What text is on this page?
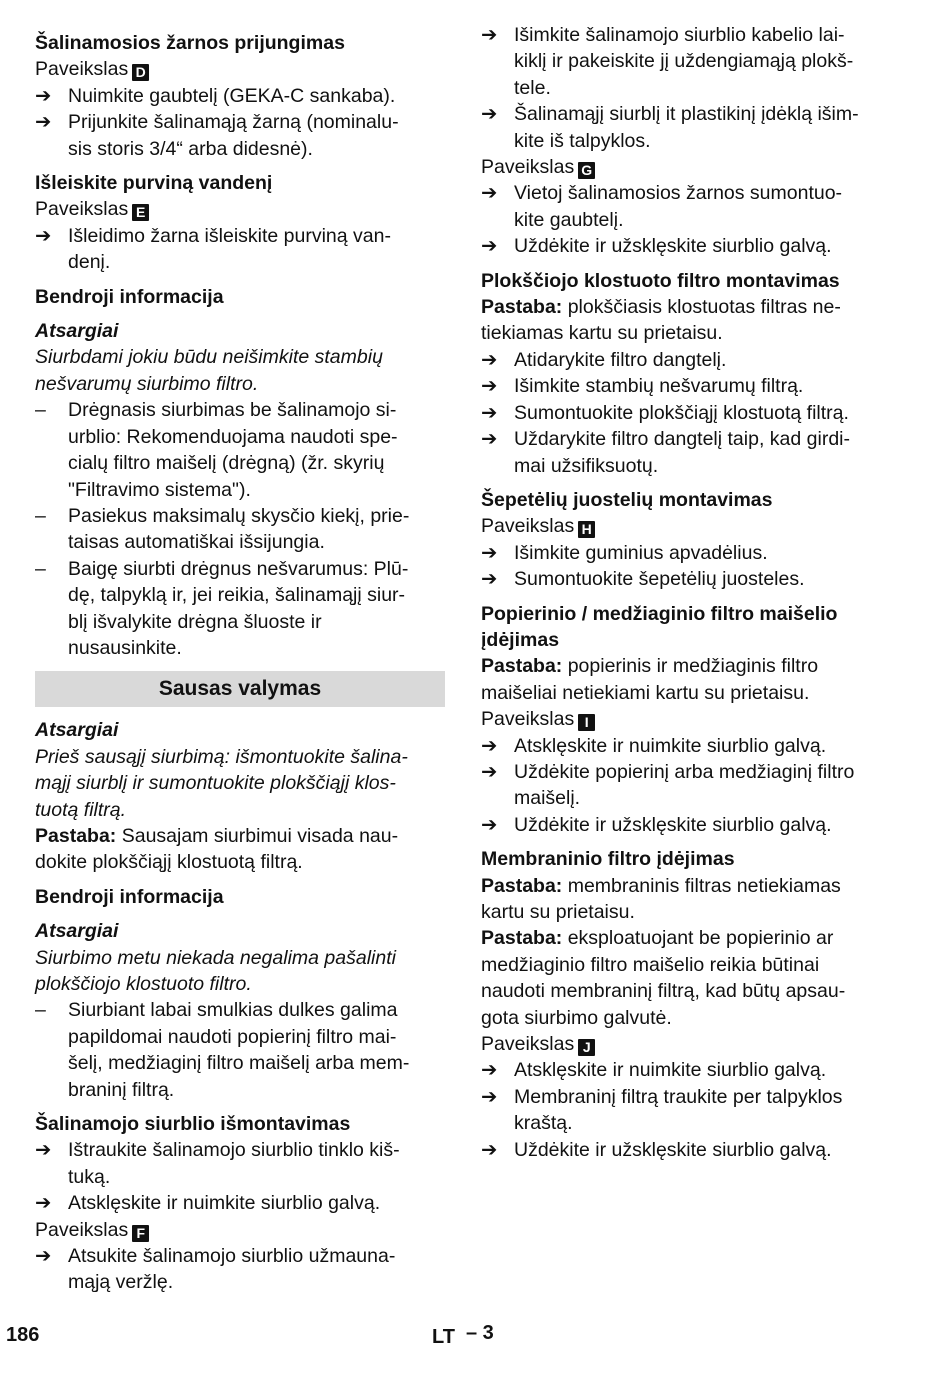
Šalinamosios žarnos prijungimas
Paveikslas D
➔ Nuimkite gaubtelį (GEKA-C sankaba).
➔ Prijunkite šalinamąją žarną (nominalu-
sis storis 3/4“ arba didesnė).
Išleiskite purviną vandenį
Paveikslas E
➔ Išleidimo žarna išleiskite purviną van-
denį.
Bendroji informacija
Atsargiai
Siurbdami jokiu būdu neišimkite stambių
nešvarumų siurbimo filtro.
– Drėgnasis siurbimas be šalinamojo si-
urblio: Rekomenduojama naudoti spe-
cialų filtro maišelį (drėgną) (žr. skyrių
"Filtravimo sistema").
– Pasiekus maksimalų skysčio kiekį, prie-
taisas automatiškai išsijungia.
– Baigę siurbti drėgnus nešvarumus: Plū-
dę, talpyklą ir, jei reikia, šalinamąjį siur-
blį išvalykite drėgna šluoste ir
nusausinkite.
Sausas valymas
Atsargiai
Prieš sausąjį siurbimą: išmontuokite šalina-
mąjį siurblį ir sumontuokite plokščiąjį klos-
tuotą filtrą.
Pastaba: Sausajam siurbimui visada nau-
dokite plokščiąjį klostuotą filtrą.
Bendroji informacija
Atsargiai
Siurbimo metu niekada negalima pašalinti
plokščiojo klostuoto filtro.
– Siurbiant labai smulkias dulkes galima
papildomai naudoti popierinį filtro mai-
šelį, medžiaginį filtro maišelį arba mem-
braninį filtrą.
Šalinamojo siurblio išmontavimas
➔ Ištraukite šalinamojo siurblio tinklo kiš-
tuką.
➔ Atsklęskite ir nuimkite siurblio galvą.
Paveikslas F
➔ Atsukite šalinamojo siurblio užmauna-
mąją veržlę.
➔ Išimkite šalinamojo siurblio kabelio lai-
kiklį ir pakeiskite jį uždengiamąją plokš-
tele.
➔ Šalinamąjį siurblį it plastikinį įdėklą išim-
kite iš talpyklos.
Paveikslas G
➔ Vietoj šalinamosios žarnos sumontuo-
kite gaubtelį.
➔ Uždėkite ir užsklęskite siurblio galvą.
Plokščiojo klostuoto filtro montavimas
Pastaba: plokščiasis klostuotas filtras ne-
tiekiamas kartu su prietaisu.
➔ Atidarykite filtro dangtelį.
➔ Išimkite stambių nešvarumų filtrą.
➔ Sumontuokite plokščiąjį klostuotą filtrą.
➔ Uždarykite filtro dangtelį taip, kad girdi-
mai užsifiksuotų.
Šepetėlių juostelių montavimas
Paveikslas H
➔ Išimkite guminius apvadėlius.
➔ Sumontuokite šepetėlių juosteles.
Popierinio / medžiaginio filtro maišelio
įdėjimas
Pastaba: popierinis ir medžiaginis filtro
maišeliai netiekiami kartu su prietaisu.
Paveikslas I
➔ Atsklęskite ir nuimkite siurblio galvą.
➔ Uždėkite popierinį arba medžiaginį filtro
maišelį.
➔ Uždėkite ir užsklęskite siurblio galvą.
Membraninio filtro įdėjimas
Pastaba: membraninis filtras netiekiamas
kartu su prietaisu.
Pastaba: eksploatuojant be popierinio ar
medžiaginio filtro maišelio reikia būtinai
naudoti membraninį filtrą, kad būtų apsau-
gota siurbimo galvutė.
Paveikslas J
➔ Atsklęskite ir nuimkite siurblio galvą.
➔ Membraninį filtrą traukite per talpyklos
kraštą.
➔ Uždėkite ir užsklęskite siurblio galvą.
186	LT – 3
